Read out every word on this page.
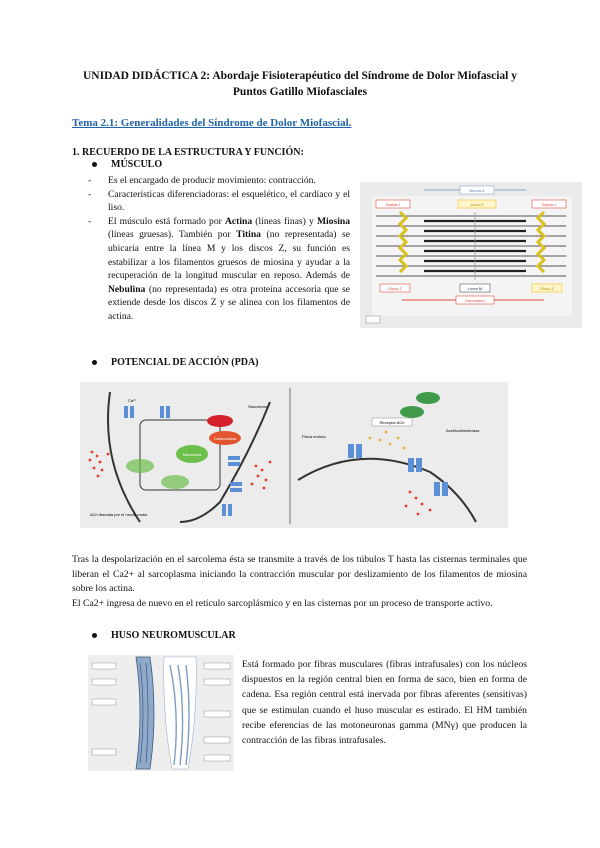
UNIDAD DIDÁCTICA 2: Abordaje Fisioterapéutico del Síndrome de Dolor Miofascial y
Puntos Gatillo Miofasciales
Tema 2.1: Generalidades del Síndrome de Dolor Miofascial.
1. RECUERDO DE LA ESTRUCTURA Y FUNCIÓN:
MÚSCULO
-	Es el encargado de producir movimiento: contracción.
-	Características diferenciadoras: el esquelético, el cardíaco y el liso.
-	El músculo está formado por Actina (líneas finas) y Miosina (líneas gruesas). También por Titina (no representada) se ubicaría entre la línea M y los discos Z, su función es estabilizar a los filamentos gruesos de miosina y ayudar a la recuperación de la longitud muscular en reposo. Además de Nebulina (no representada) es otra proteína accesoria que se extiende desde los discos Z y se alinea con los filamentos de actina.
Banda A
Banda I	Banda I
Zona H
Disco Z	Línea M	Disco Z
Sarcómero
POTENCIAL DE ACCIÓN (PDA)
Calmodulina
Mitocondria
Ca²⁺
Sarcolema
ACh liberada por el nervio motor
Receptor ACh
Placa motora
Acetilcolinesterasa
Tras la despolarización en el sarcolema ésta se transmite a través de los túbulos T hasta las cisternas terminales que liberan el Ca2+ al sarcoplasma iniciando la contracción muscular por deslizamiento de los filamentos de miosina sobre los actina.
El Ca2+ ingresa de nuevo en el retículo sarcoplásmico y en las cisternas por un proceso de transporte activo.
HUSO NEUROMUSCULAR
Está formado por fibras musculares (fibras intrafusales) con los núcleos dispuestos en la región central bien en forma de saco, bien en forma de cadena. Esa región central está inervada por fibras aferentes (sensitivas) que se estimulan cuando el huso muscular es estirado. El HM también recibe eferencias de las motoneuronas gamma (MNγ) que producen la contracción de las fibras intrafusales.
